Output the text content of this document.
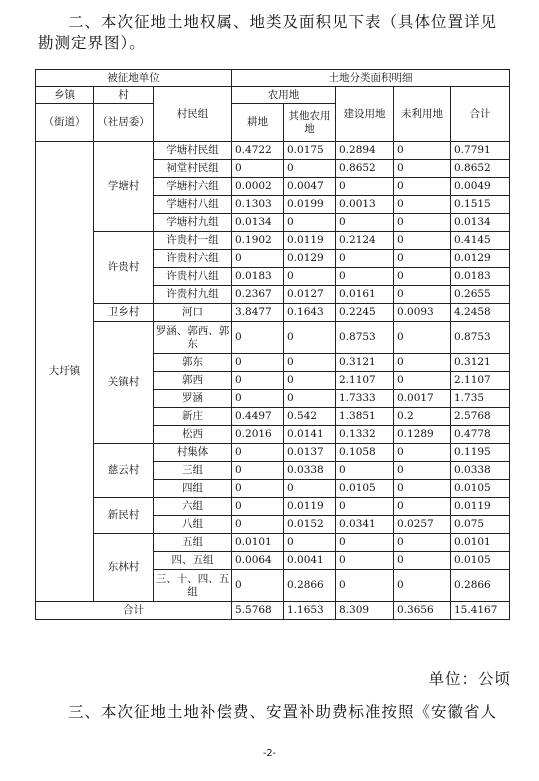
二、本次征地土地权属、地类及面积见下表（具体位置详见勘测定界图）。
被征地单位			土地分类面积明细				
乡镇	村	村民组	农用地		建设用地	未利用地	合计
（街道）	（社居委）		耕地	其他农用地			

大圩镇	学塘村	学塘村民组	0.4722	0.0175	0.2894	0	0.7791
		祠堂村民组	0	0	0.8652	0	0.8652
		学塘村六组	0.0002	0.0047	0	0	0.0049
		学塘村八组	0.1303	0.0199	0.0013	0	0.1515
		学塘村九组	0.0134	0	0	0	0.0134
	许贵村	许贵村一组	0.1902	0.0119	0.2124	0	0.4145
		许贵村六组	0	0.0129	0	0	0.0129
		许贵村八组	0.0183	0	0	0	0.0183
		许贵村九组	0.2367	0.0127	0.0161	0	0.2655
	卫乡村	河口	3.8477	0.1643	0.2245	0.0093	4.2458
	关镇村	罗涵、郭西、郭东	0	0	0.8753	0	0.8753
		郭东	0	0	0.3121	0	0.3121
		郭西	0	0	2.1107	0	2.1107
		罗涵	0	0	1.7333	0.0017	1.735
		新庄	0.4497	0.542	1.3851	0.2	2.5768
		松西	0.2016	0.0141	0.1332	0.1289	0.4778
	慈云村	村集体	0	0.0137	0.1058	0	0.1195
		三组	0	0.0338	0	0	0.0338
		四组	0	0	0.0105	0	0.0105
	新民村	六组	0	0.0119	0	0	0.0119
		八组	0	0.0152	0.0341	0.0257	0.075
	东林村	五组	0.0101	0	0	0	0.0101
		四、五组	0.0064	0.0041	0	0	0.0105
		三、十、四、五组	0	0.2866	0	0	0.2866
合计			5.5768	1.1653	8.309	0.3656	15.4167
单位：公顷
三、本次征地土地补偿费、安置补助费标准按照《安徽省人
-2-
